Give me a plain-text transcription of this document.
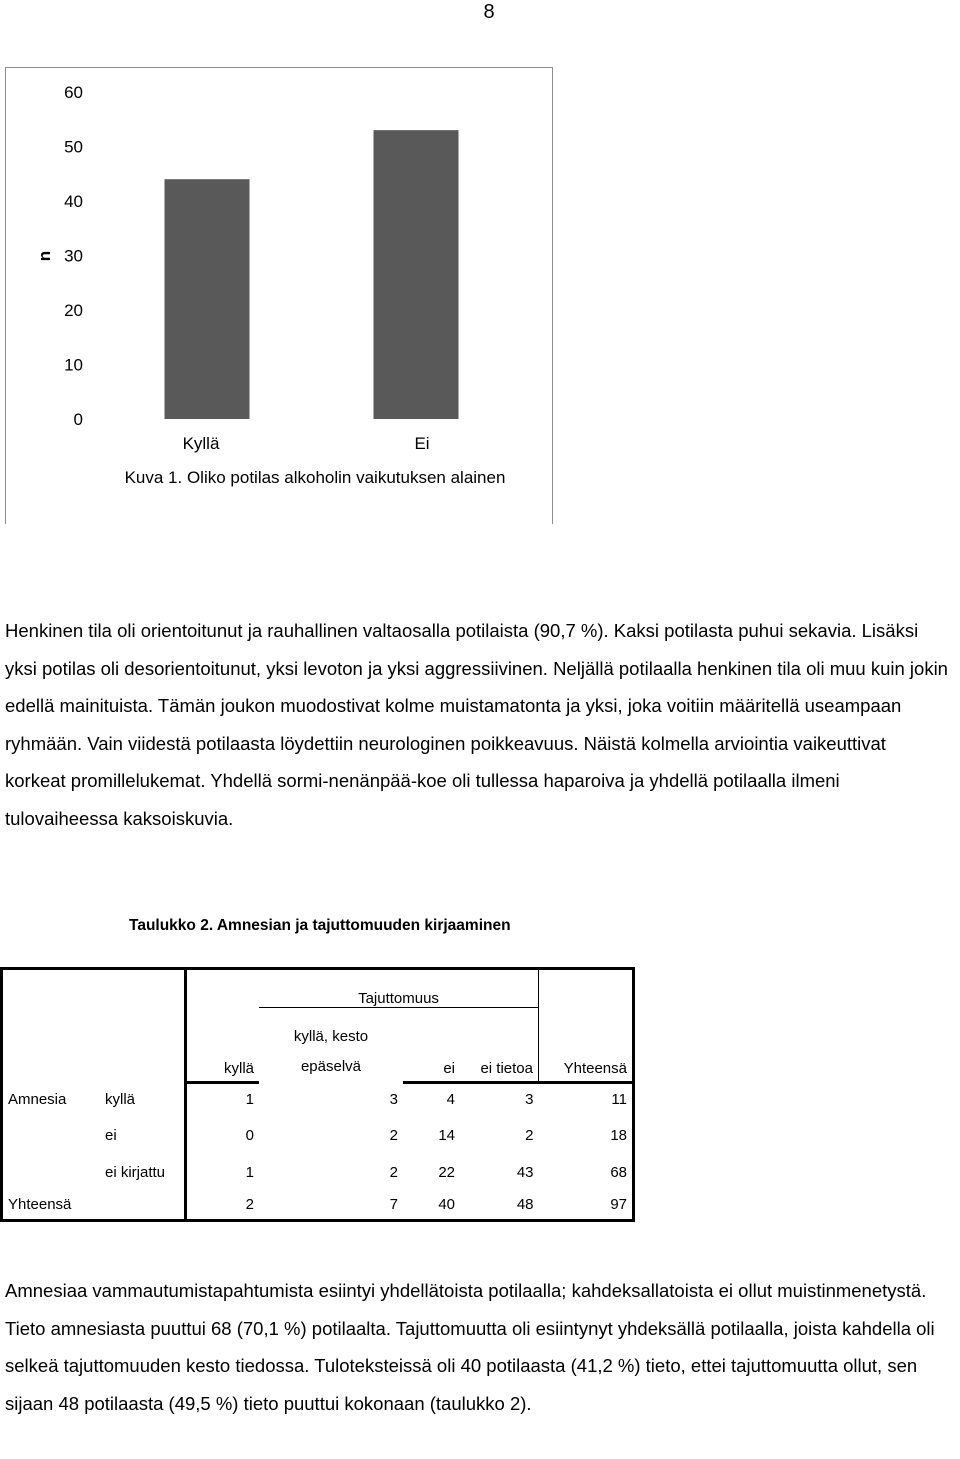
8
0
10
20
30
40
50
60
n
Kyllä	Ei
Kuva 1. Oliko potilas alkoholin vaikutuksen alainen
Henkinen tila oli orientoitunut ja rauhallinen valtaosalla potilaista (90,7 %). Kaksi potilasta puhui sekavia. Lisäksi yksi potilas oli desorientoitunut, yksi levoton ja yksi aggressiivinen. Neljällä potilaalla henkinen tila oli muu kuin jokin edellä mainituista. Tämän joukon muodostivat kolme muistamatonta ja yksi, joka voitiin määritellä useampaan ryhmään. Vain viidestä potilaasta löydettiin neurologinen poikkeavuus. Näistä kolmella arviointia vaikeuttivat korkeat promillelukemat. Yhdellä sormi-nenänpää-koe oli tullessa haparoiva ja yhdellä potilaalla ilmeni tulovaiheessa kaksoiskuvia.
Taulukko 2. Amnesian ja tajuttomuuden kirjaaminen
			Tajuttomuus			

			kyllä, kesto
epäselvä			

		kyllä		ei	ei tietoa	Yhteensä
Amnesia	kyllä	1	3	4	3	11
	ei	0	2	14	2	18
	ei kirjattu	1	2	22	43	68
Yhteensä		2	7	40	48	97
Amnesiaa vammautumistapahtumista esiintyi yhdellätoista potilaalla; kahdeksallatoista ei ollut muistinmenetystä. Tieto amnesiasta puuttui 68 (70,1 %) potilaalta. Tajuttomuutta oli esiintynyt yhdeksällä potilaalla, joista kahdella oli selkeä tajuttomuuden kesto tiedossa. Tuloteksteissä oli 40 potilaasta (41,2 %) tieto, ettei tajuttomuutta ollut, sen sijaan 48 potilaasta (49,5 %) tieto puuttui kokonaan (taulukko 2).
